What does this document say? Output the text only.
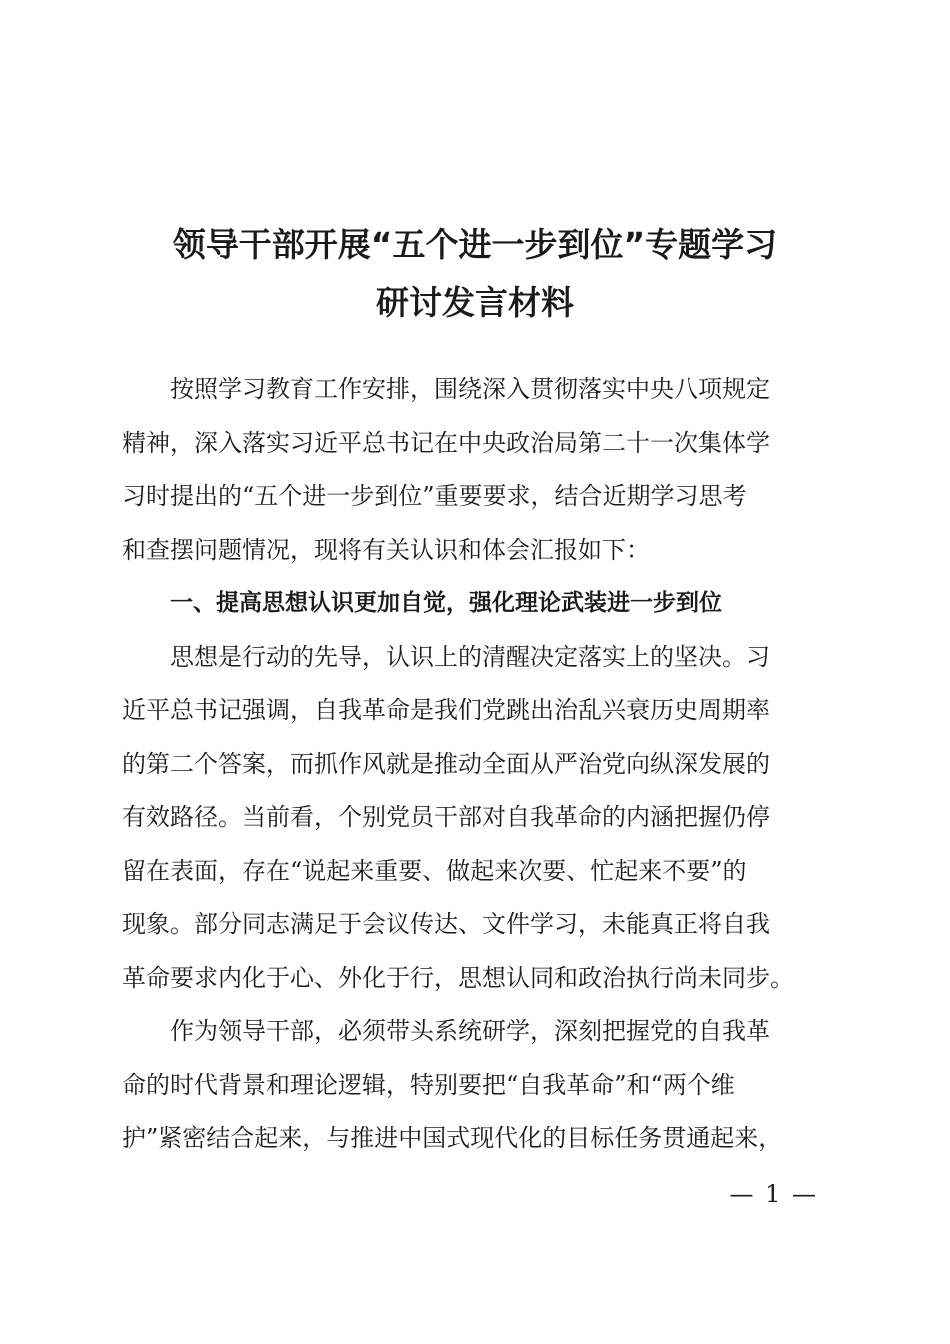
领导干部开展“五个进一步到位”专题学习
研讨发言材料

按照学习教育工作安排，围绕深入贯彻落实中央八项规定
精神，深入落实习近平总书记在中央政治局第二十一次集体学
习时提出的“五个进一步到位”重要要求，结合近期学习思考
和查摆问题情况，现将有关认识和体会汇报如下：

一、提高思想认识更加自觉，强化理论武装进一步到位

思想是行动的先导，认识上的清醒决定落实上的坚决。习
近平总书记强调，自我革命是我们党跳出治乱兴衰历史周期率
的第二个答案，而抓作风就是推动全面从严治党向纵深发展的
有效路径。当前看，个别党员干部对自我革命的内涵把握仍停
留在表面，存在“说起来重要、做起来次要、忙起来不要”的
现象。部分同志满足于会议传达、文件学习，未能真正将自我
革命要求内化于心、外化于行，思想认同和政治执行尚未同步。

作为领导干部，必须带头系统研学，深刻把握党的自我革
命的时代背景和理论逻辑，特别要把“自我革命”和“两个维
护”紧密结合起来，与推进中国式现代化的目标任务贯通起来，

— 1 —
